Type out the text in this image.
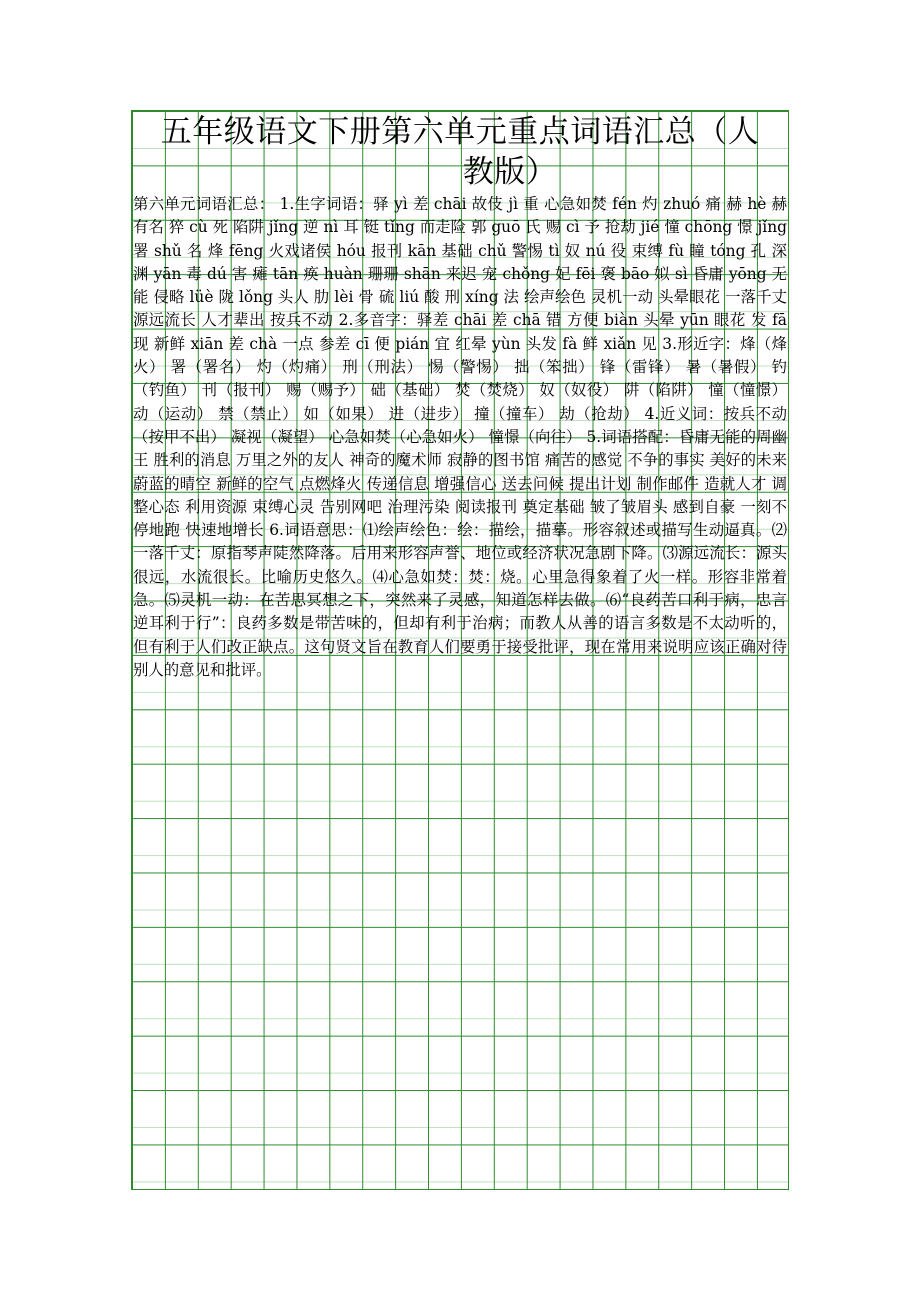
五年级语文下册第六单元重点词语汇总（人
教版）
第六单元词语汇总： 1.生字词语：驿 yì 差 chāi 故伎 jì 重 心急如焚 fén 灼 zhuó 痛 赫 hè 赫有名 猝 cù 死 陷阱 jǐng 逆 nì 耳 铤 tǐng 而走险 郭 guō 氏 赐 cì 予 抢劫 jié 憧 chōng 憬 jǐng 署 shǔ 名 烽 fēng 火戏诸侯 hóu 报刊 kān 基础 chǔ 警惕 tì 奴 nú 役 束缚 fù 瞳 tóng 孔 深渊 yān 毒 dú 害 瘫 tān 痪 huàn 珊珊 shān 来迟 宠 chǒng 妃 fēi 褒 bāo 姒 sì 昏庸 yōng 无能 侵略 lüè 陇 lǒng 头人 肋 lèi 骨 硫 liú 酸 刑 xíng 法 绘声绘色 灵机一动 头晕眼花 一落千丈 源远流长 人才辈出 按兵不动 2.多音字：驿差 chāi 差 chā 错 方便 biàn 头晕 yūn 眼花 发 fā 现 新鲜 xiān 差 chà 一点 参差 cī 便 pián 宜 红晕 yùn 头发 fà 鲜 xiǎn 见 3.形近字：烽（烽火） 署（署名） 灼（灼痛） 刑（刑法） 惕（警惕） 拙（笨拙） 锋（雷锋） 暑（暑假） 钓（钓鱼） 刊（报刊） 赐（赐予） 础（基础） 焚（焚烧） 奴（奴役） 阱（陷阱） 憧（憧憬） 动（运动） 禁（禁止） 如（如果） 进（进步） 撞（撞车） 劫（抢劫） 4.近义词：按兵不动（按甲不出） 凝视（凝望） 心急如焚（心急如火） 憧憬（向往） 5.词语搭配：昏庸无能的周幽王 胜利的消息 万里之外的友人 神奇的魔术师 寂静的图书馆 痛苦的感觉 不争的事实 美好的未来 蔚蓝的晴空 新鲜的空气 点燃烽火 传递信息 增强信心 送去问候 提出计划 制作邮件 造就人才 调整心态 利用资源 束缚心灵 告别网吧 治理污染 阅读报刊 奠定基础 皱了皱眉头 感到自豪 一刻不停地跑 快速地增长 6.词语意思：⑴绘声绘色：绘：描绘，描摹。形容叙述或描写生动逼真。⑵一落千丈：原指琴声陡然降落。后用来形容声誉、地位或经济状况急剧下降。⑶源远流长：源头很远，水流很长。比喻历史悠久。⑷心急如焚：焚：烧。心里急得象着了火一样。形容非常着急。⑸灵机一动：在苦思冥想之下，突然来了灵感，知道怎样去做。⑹“良药苦口利于病，忠言逆耳利于行”：良药多数是带苦味的，但却有利于治病；而教人从善的语言多数是不太动听的，但有利于人们改正缺点。这句贤文旨在教育人们要勇于接受批评，现在常用来说明应该正确对待别人的意见和批评。
